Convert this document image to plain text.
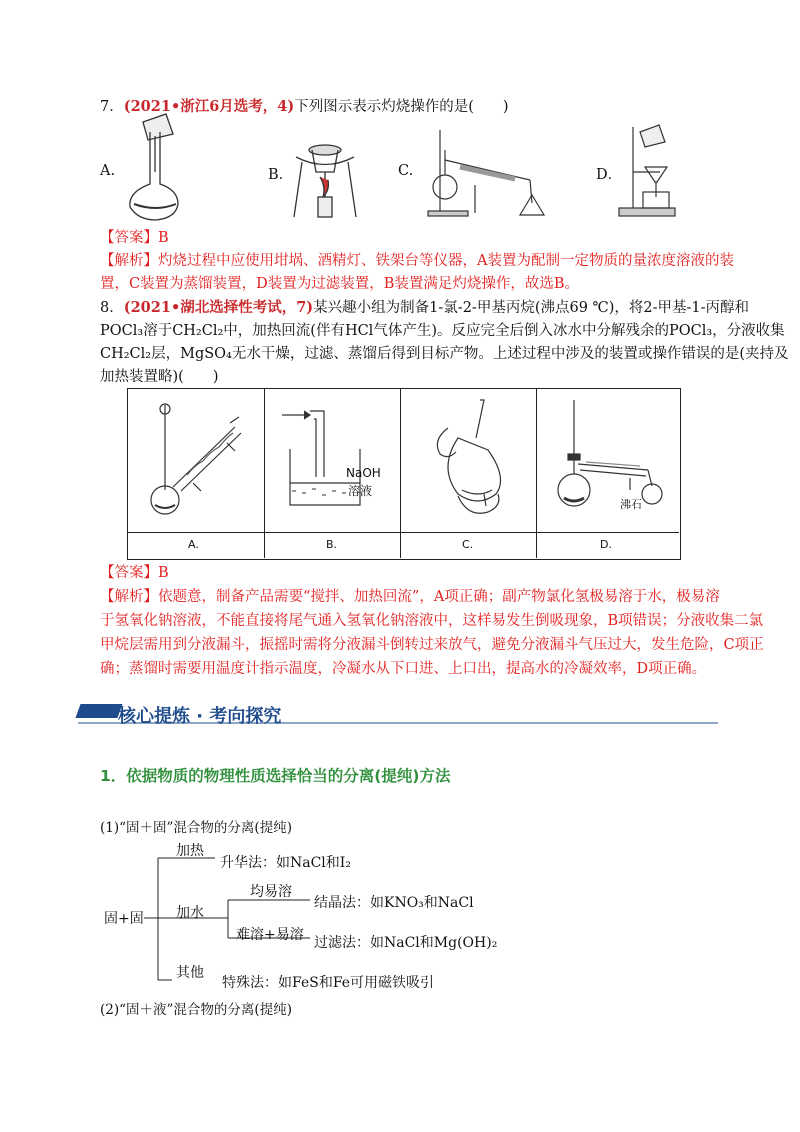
7．(2021•浙江6月选考，4)下列图示表示灼烧操作的是(　　)
A.	B．	C.	D．
【答案】B
【解析】灼烧过程中应使用坩埚、酒精灯、铁架台等仪器，A装置为配制一定物质的量浓度溶液的装
置，C装置为蒸馏装置，D装置为过滤装置，B装置满足灼烧操作，故选B。
8．(2021•湖北选择性考试，7)某兴趣小组为制备1-氯-2-甲基丙烷(沸点69 ℃)，将2-甲基-1-丙醇和
POCl₃溶于CH₂Cl₂中，加热回流(伴有HCl气体产生)。反应完全后倒入冰水中分解残余的POCl₃，分液收集
CH₂Cl₂层，MgSO₄无水干燥，过滤、蒸馏后得到目标产物。上述过程中涉及的装置或操作错误的是(夹持及
加热装置略)(　　)
A.	B.	C.	D.
NaOH
溶液
沸石
【答案】B
【解析】依题意，制备产品需要“搅拌、加热回流”，A项正确；副产物氯化氢极易溶于水，极易溶
于氢氧化钠溶液，不能直接将尾气通入氢氧化钠溶液中，这样易发生倒吸现象，B项错误；分液收集二氯
甲烷层需用到分液漏斗，振摇时需将分液漏斗倒转过来放气，避免分液漏斗气压过大，发生危险，C项正
确；蒸馏时需要用温度计指示温度，冷凝水从下口进、上口出，提高水的冷凝效率，D项正确。
核心提炼 · 考向探究
1．依据物质的物理性质选择恰当的分离(提纯)方法
(1)“固＋固”混合物的分离(提纯)
固+固
加热
升华法：如NaCl和I₂
加水
均易溶
结晶法：如KNO₃和NaCl
难溶+易溶 过滤法：如NaCl和Mg(OH)₂
其他
特殊法：如FeS和Fe可用磁铁吸引
(2)“固＋液”混合物的分离(提纯)
